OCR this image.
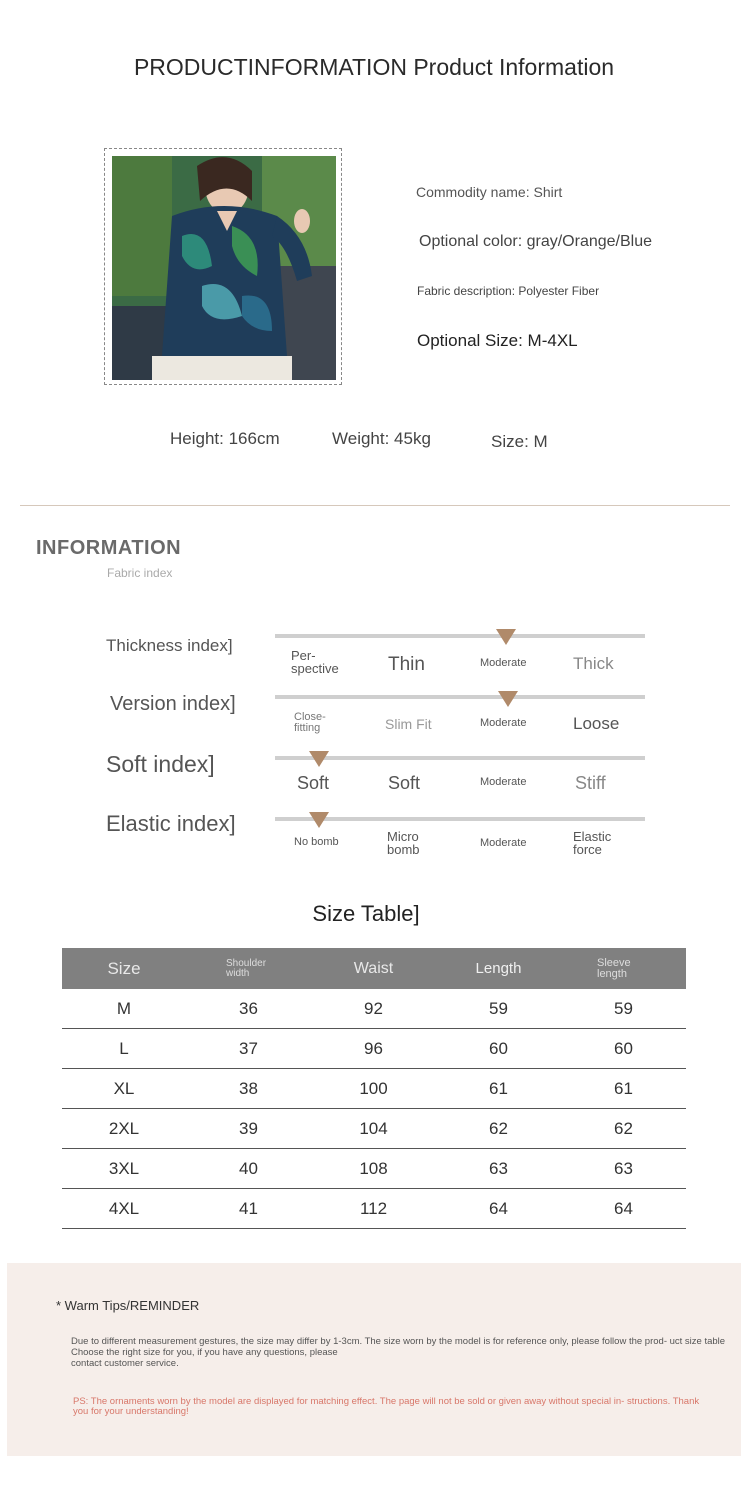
PRODUCTINFORMATION Product Information
Commodity name: Shirt
Optional color: gray/Orange/Blue
Fabric description: Polyester Fiber
Optional Size: M-4XL
Height: 166cm	Weight: 45kg	Size: M
INFORMATION
Fabric index
Thickness index]
Per- spective	Thin	Moderate	Thick
Version index]
Close- fitting	Slim Fit	Moderate	Loose
Soft index]
Soft	Soft	Moderate	Stiff
Elastic index]
No bomb	Micro bomb	Moderate	Elastic force
Size Table]
Size	Shoulder width	Waist	Length	Sleeve length

M	36	92	59	59
L	37	96	60	60
XL	38	100	61	61
2XL	39	104	62	62
3XL	40	108	63	63
4XL	41	112	64	64
* Warm Tips/REMINDER
Due to different measurement gestures, the size may differ by 1-3cm. The size worn by the model is for reference only, please follow the prod- uct size table
Choose the right size for you, if you have any questions, please
contact customer service.
PS: The ornaments worn by the model are displayed for matching effect. The page will not be sold or given away without special in- structions. Thank you for your understanding!
